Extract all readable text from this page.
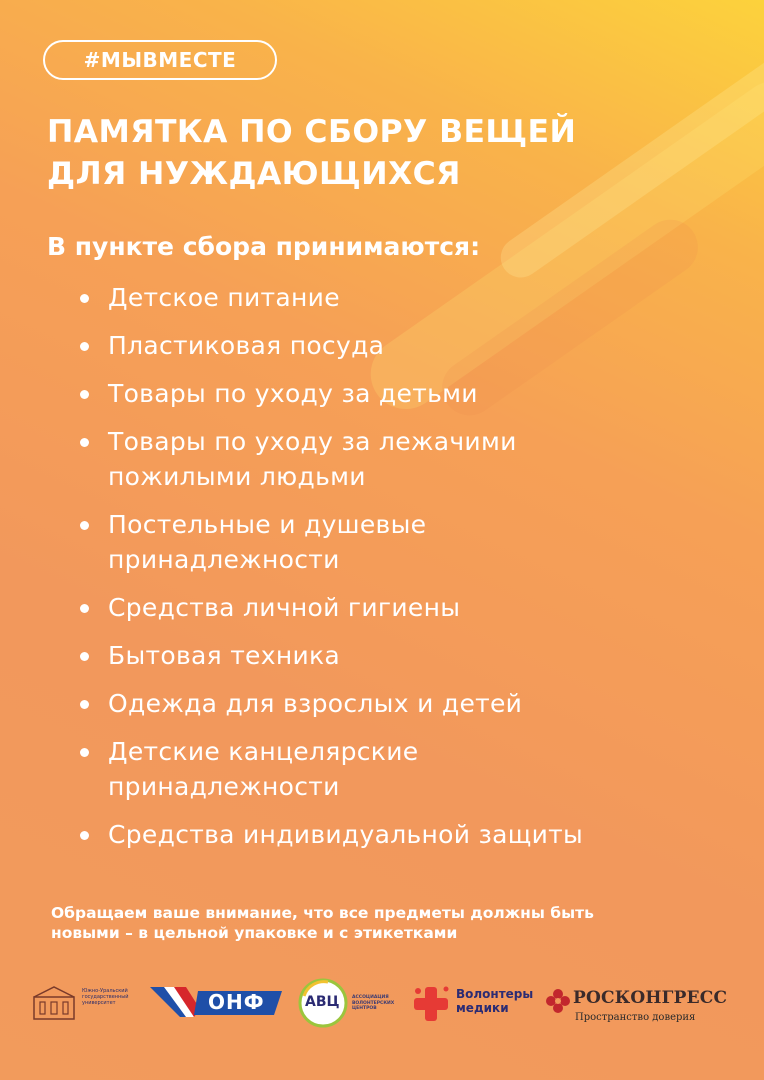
#МЫВМЕСТЕ
ПАМЯТКА ПО СБОРУ ВЕЩЕЙ
ДЛЯ НУЖДАЮЩИХСЯ
В пункте сбора принимаются:
Детское питание
Пластиковая посуда
Товары по уходу за детьми
Товары по уходу за лежачими
пожилыми людьми
Постельные и душевые
принадлежности
Средства личной гигиены
Бытовая техника
Одежда для взрослых и детей
Детские канцелярские
принадлежности
Средства индивидуальной защиты

Обращаем ваше внимание, что все предметы должны быть
новыми – в цельной упаковке и с этикетками

Южно-Уральский
государственный
университет	ОНФ	АВЦ	АССОЦИАЦИЯ
ВОЛОНТЕРСКИХ
ЦЕНТРОВ
Волонтеры
медики	РОСКОНГРЕСС
Пространство доверия
